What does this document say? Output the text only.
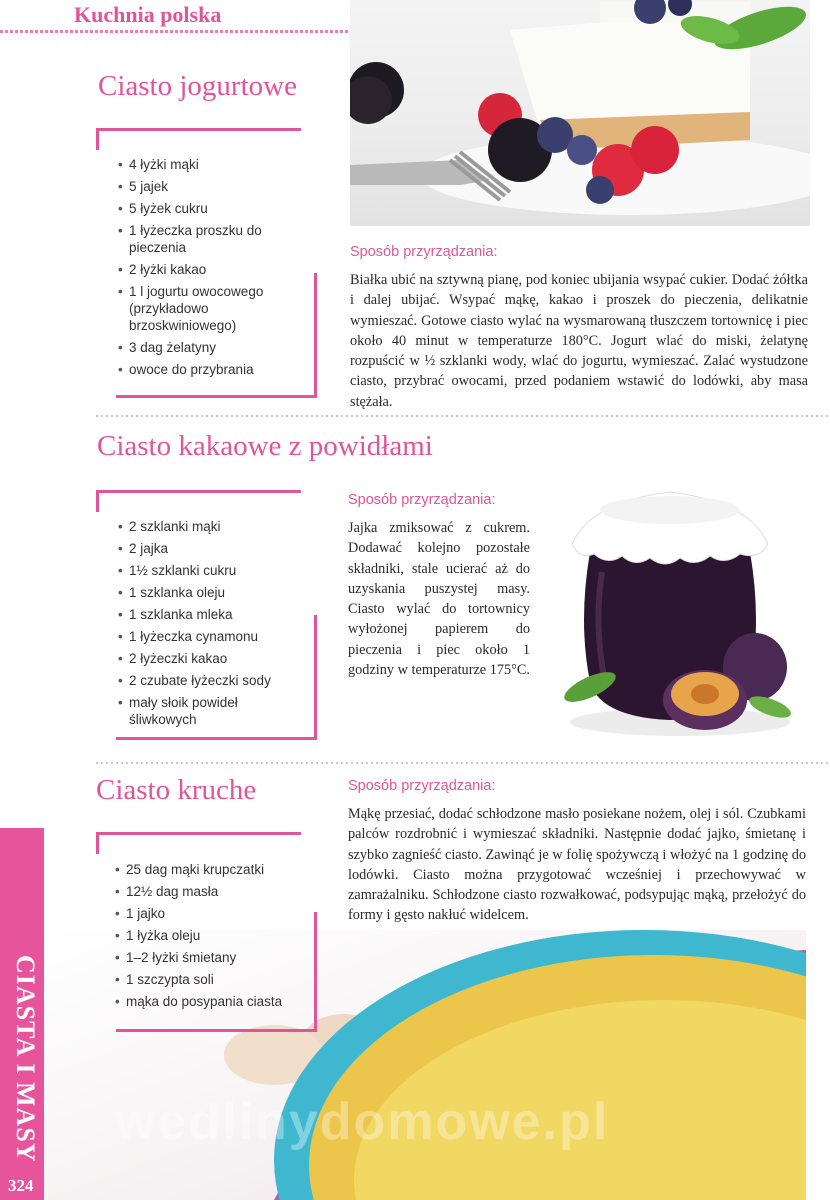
Kuchnia polska
Ciasto jogurtowe
• 4 łyżki mąki
• 5 jajek
• 5 łyżek cukru
• 1 łyżeczka proszku do pieczenia
• 2 łyżki kakao
• 1 l jogurtu owocowego (przykładowo brzoskwiniowego)
• 3 dag żelatyny
• owoce do przybrania
Sposób przyrządzania:
Białka ubić na sztywną pianę, pod koniec ubijania wsypać cukier. Dodać żółtka i dalej ubijać. Wsypać mąkę, kakao i proszek do pieczenia, delikatnie wymieszać. Gotowe ciasto wylać na wysmarowaną tłuszczem tortownicę i piec około 40 minut w temperaturze 180°C. Jogurt wlać do miski, żelatynę rozpuścić w ½ szklanki wody, wlać do jogurtu, wymieszać. Zalać wystudzone ciasto, przybrać owocami, przed podaniem wstawić do lodówki, aby masa stężała.
Ciasto kakaowe z powidłami
• 2 szklanki mąki
• 2 jajka
• 1½ szklanki cukru
• 1 szklanka oleju
• 1 szklanka mleka
• 1 łyżeczka cynamonu
• 2 łyżeczki kakao
• 2 czubate łyżeczki sody
• mały słoik powideł śliwkowych
Sposób przyrządzania:
Jajka zmiksować z cukrem. Dodawać kolejno pozostałe składniki, stale ucierać aż do uzyskania puszystej masy. Ciasto wylać do tortownicy wyłożonej papierem do pieczenia i piec około 1 godziny w temperaturze 175°C.
Ciasto kruche	Sposób przyrządzania:
Mąkę przesiać, dodać schłodzone masło posiekane nożem, olej i sól. Czubkami palców rozdrobnić i wymieszać składniki. Następnie dodać jajko, śmietanę i szybko zagnieść ciasto. Zawinąć je w folię spożywczą i włożyć na 1 godzinę do lodówki. Ciasto można przygotować wcześniej i przechowywać w zamrażalniku. Schłodzone ciasto rozwałkować, podsypując mąką, przełożyć do formy i gęsto nakłuć widelcem.
• 25 dag mąki krupczatki
• 12½ dag masła
• 1 jajko
• 1 łyżka oleju
• 1–2 łyżki śmietany
• 1 szczypta soli
• mąka do posypania ciasta
wedlinydomowe.pl
CIASTA I MASY
324
